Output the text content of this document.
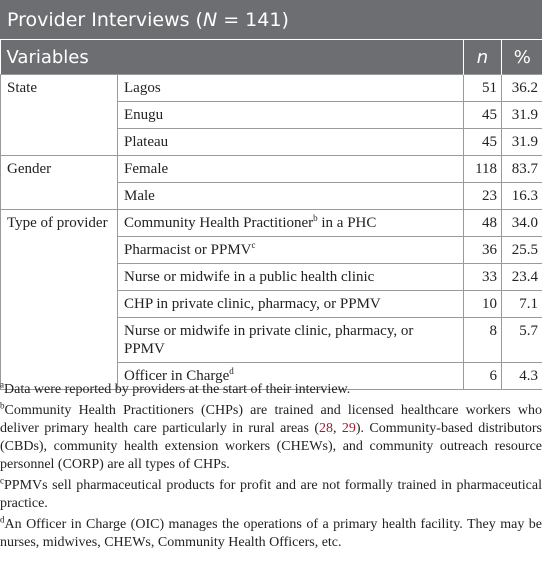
Provider Interviews (N = 141)
Variables		n	%
State	Lagos	51	36.2
	Enugu	45	31.9
	Plateau	45	31.9
Gender	Female	118	83.7
	Male	23	16.3
Type of provider	Community Health Practitioner$^b$ in a PHC	48	34.0
	Pharmacist or PPMV$^c$	36	25.5
	Nurse or midwife in a public health clinic	33	23.4
	CHP in private clinic, pharmacy, or PPMV	10	7.1
	Nurse or midwife in private clinic, pharmacy, or PPMV	8	5.7
	Officer in Charge$^d$	6	4.3

$^a$Data were reported by providers at the start of their interview.

$^b$Community Health Practitioners (CHPs) are trained and licensed healthcare workers who deliver primary health care particularly in rural areas (28, 29). Community-based distributors (CBDs), community health extension workers (CHEWs), and community outreach resource personnel (CORP) are all types of CHPs.

$^c$PPMVs sell pharmaceutical products for profit and are not formally trained in pharmaceutical practice.

$^d$An Officer in Charge (OIC) manages the operations of a primary health facility. They may be nurses, midwives, CHEWs, Community Health Officers, etc.
